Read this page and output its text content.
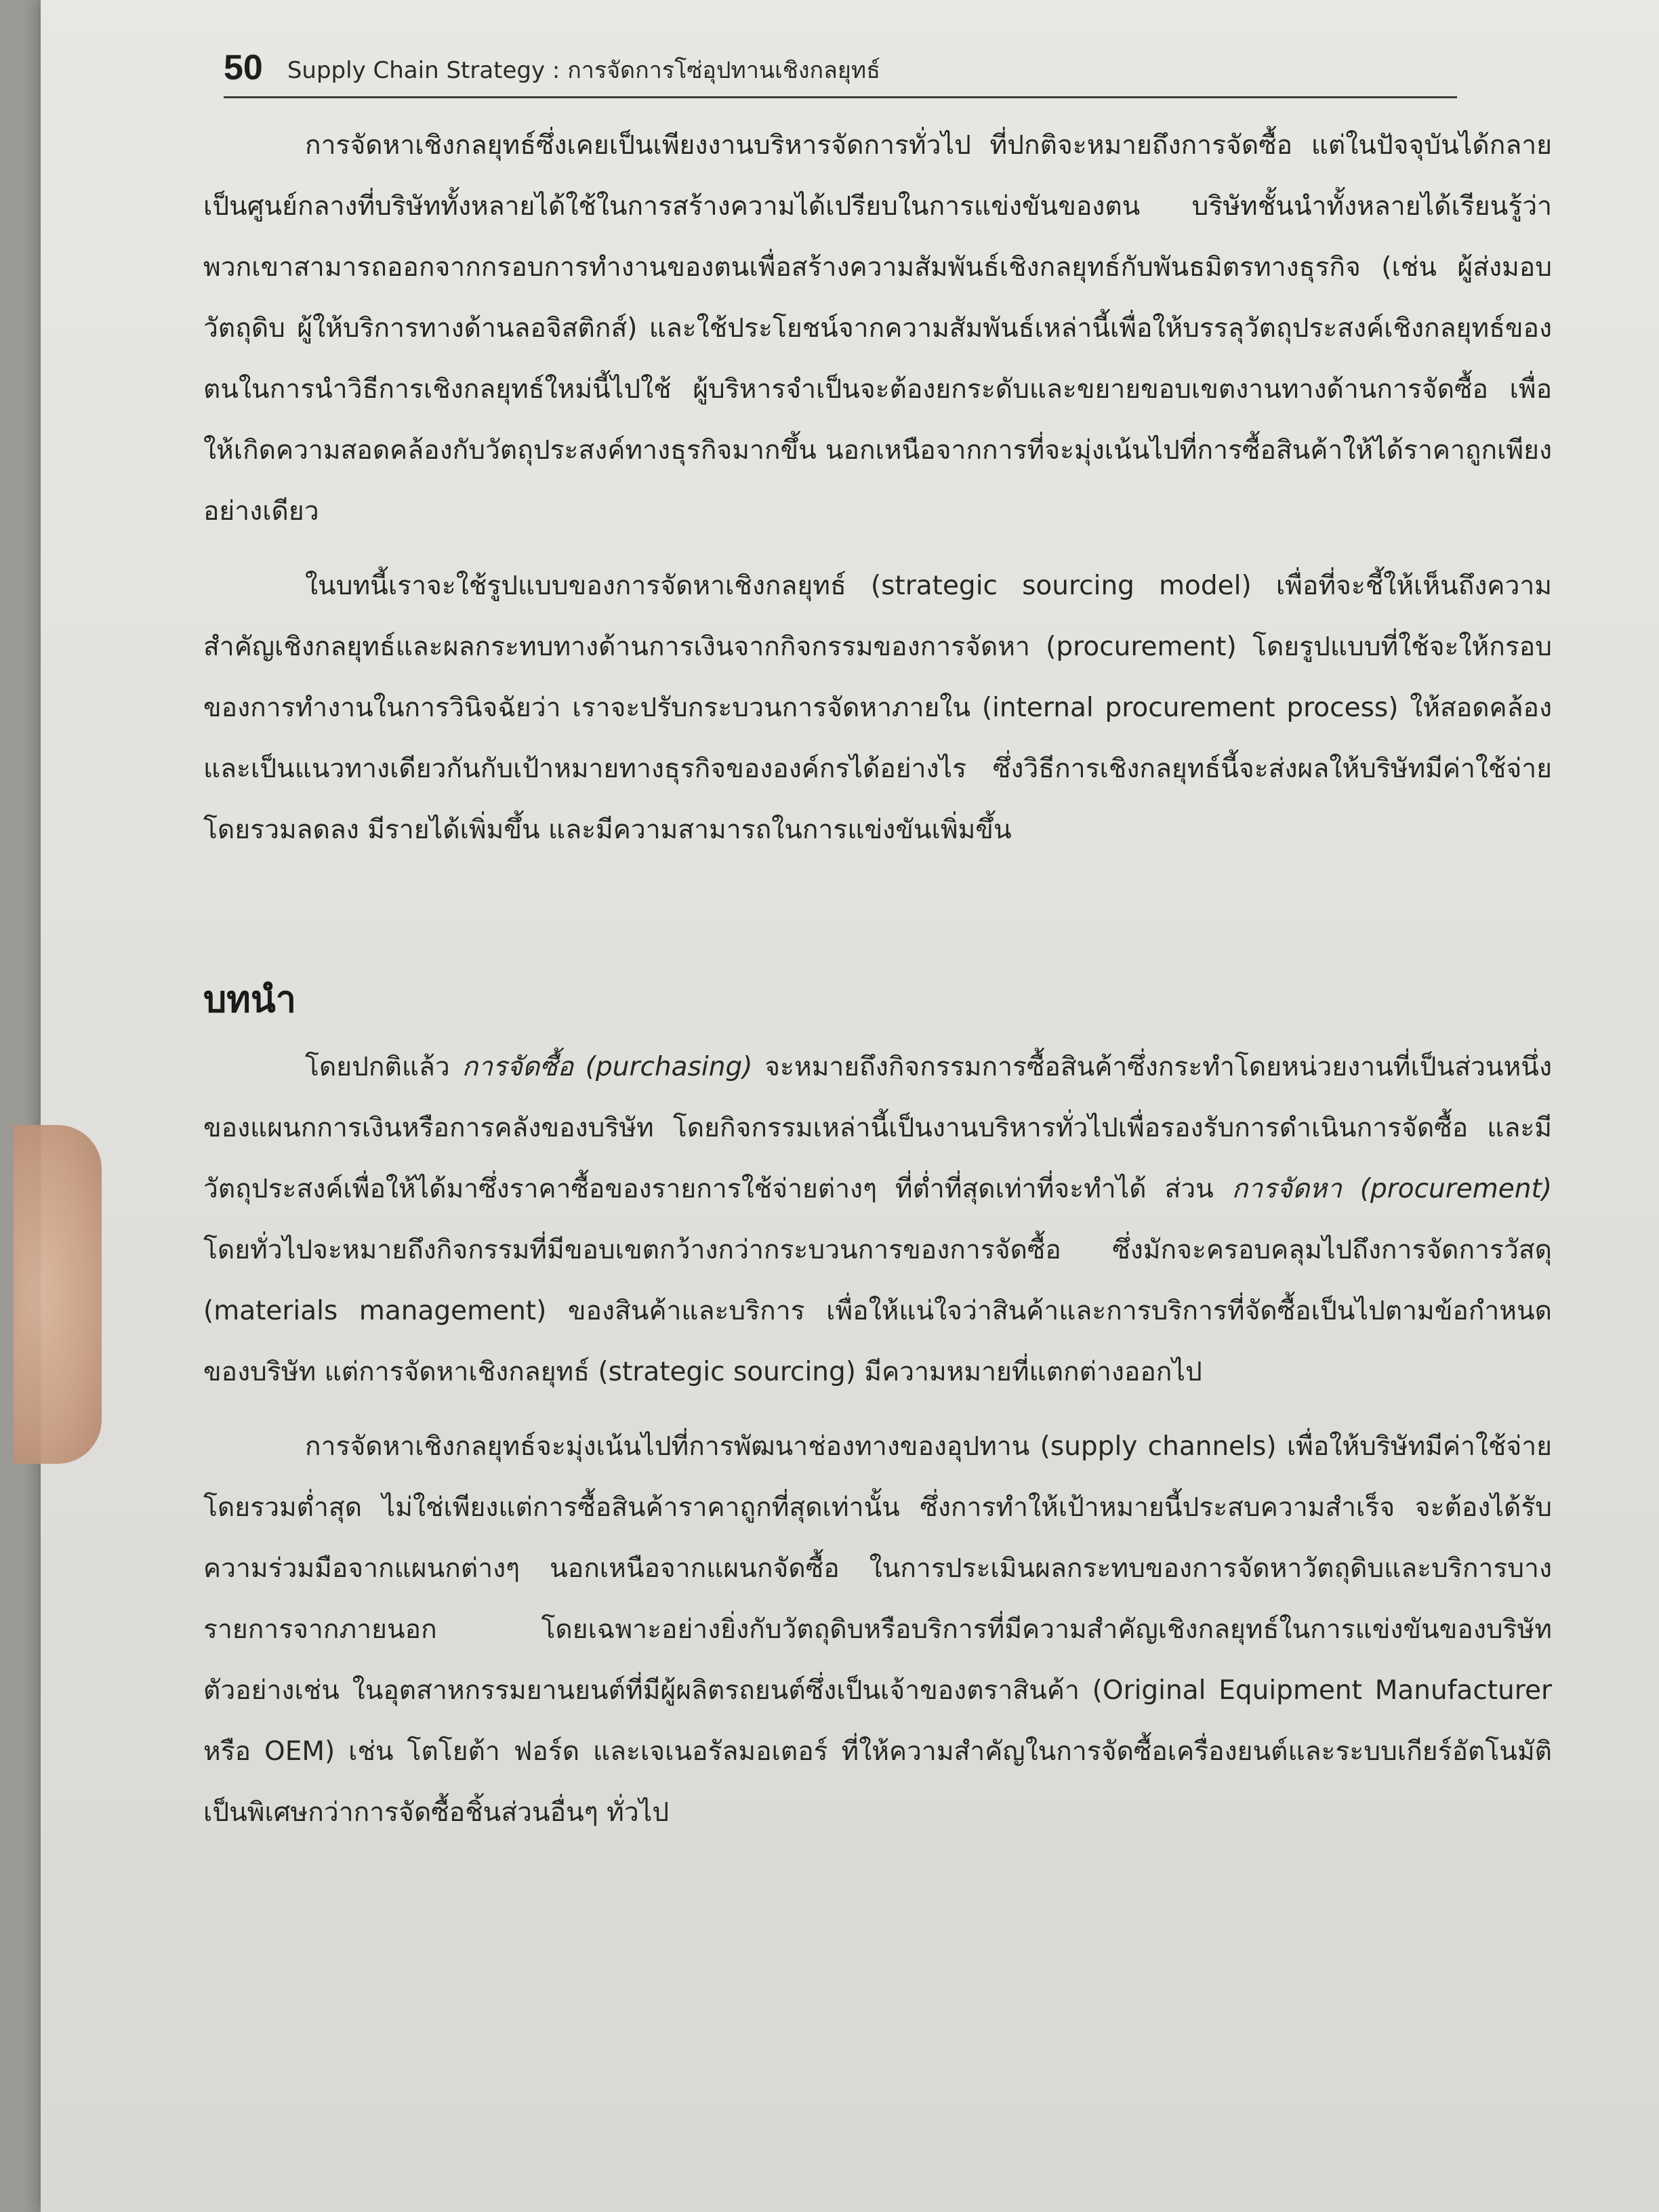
50 Supply Chain Strategy : การจัดการโซ่อุปทานเชิงกลยุทธ์

การจัดหาเชิงกลยุทธ์ซึ่งเคยเป็นเพียงงานบริหารจัดการทั่วไป ที่ปกติจะหมายถึงการจัดซื้อ แต่ในปัจจุบันได้กลายเป็นศูนย์กลางที่บริษัททั้งหลายได้ใช้ในการสร้างความได้เปรียบในการแข่งขันของตน บริษัทชั้นนำทั้งหลายได้เรียนรู้ว่า พวกเขาสามารถออกจากกรอบการทำงานของตนเพื่อสร้างความสัมพันธ์เชิงกลยุทธ์กับพันธมิตรทางธุรกิจ (เช่น ผู้ส่งมอบวัตถุดิบ ผู้ให้บริการทางด้านลอจิสติกส์) และใช้ประโยชน์จากความสัมพันธ์เหล่านี้เพื่อให้บรรลุวัตถุประสงค์เชิงกลยุทธ์ของตนในการนำวิธีการเชิงกลยุทธ์ใหม่นี้ไปใช้ ผู้บริหารจำเป็นจะต้องยกระดับและขยายขอบเขตงานทางด้านการจัดซื้อ เพื่อให้เกิดความสอดคล้องกับวัตถุประสงค์ทางธุรกิจมากขึ้น นอกเหนือจากการที่จะมุ่งเน้นไปที่การซื้อสินค้าให้ได้ราคาถูกเพียงอย่างเดียว

ในบทนี้เราจะใช้รูปแบบของการจัดหาเชิงกลยุทธ์ (strategic sourcing model) เพื่อที่จะชี้ให้เห็นถึงความสำคัญเชิงกลยุทธ์และผลกระทบทางด้านการเงินจากกิจกรรมของการจัดหา (procurement) โดยรูปแบบที่ใช้จะให้กรอบของการทำงานในการวินิจฉัยว่า เราจะปรับกระบวนการจัดหาภายใน (internal procurement process) ให้สอดคล้องและเป็นแนวทางเดียวกันกับเป้าหมายทางธุรกิจขององค์กรได้อย่างไร ซึ่งวิธีการเชิงกลยุทธ์นี้จะส่งผลให้บริษัทมีค่าใช้จ่ายโดยรวมลดลง มีรายได้เพิ่มขึ้น และมีความสามารถในการแข่งขันเพิ่มขึ้น

บทนำ

โดยปกติแล้ว การจัดซื้อ (purchasing) จะหมายถึงกิจกรรมการซื้อสินค้าซึ่งกระทำโดยหน่วยงานที่เป็นส่วนหนึ่งของแผนกการเงินหรือการคลังของบริษัท โดยกิจกรรมเหล่านี้เป็นงานบริหารทั่วไปเพื่อรองรับการดำเนินการจัดซื้อ และมีวัตถุประสงค์เพื่อให้ได้มาซึ่งราคาซื้อของรายการใช้จ่ายต่างๆ ที่ต่ำที่สุดเท่าที่จะทำได้ ส่วน การจัดหา (procurement) โดยทั่วไปจะหมายถึงกิจกรรมที่มีขอบเขตกว้างกว่ากระบวนการของการจัดซื้อ ซึ่งมักจะครอบคลุมไปถึงการจัดการวัสดุ (materials management) ของสินค้าและบริการ เพื่อให้แน่ใจว่าสินค้าและการบริการที่จัดซื้อเป็นไปตามข้อกำหนดของบริษัท แต่การจัดหาเชิงกลยุทธ์ (strategic sourcing) มีความหมายที่แตกต่างออกไป

การจัดหาเชิงกลยุทธ์จะมุ่งเน้นไปที่การพัฒนาช่องทางของอุปทาน (supply channels) เพื่อให้บริษัทมีค่าใช้จ่ายโดยรวมต่ำสุด ไม่ใช่เพียงแต่การซื้อสินค้าราคาถูกที่สุดเท่านั้น ซึ่งการทำให้เป้าหมายนี้ประสบความสำเร็จ จะต้องได้รับความร่วมมือจากแผนกต่างๆ นอกเหนือจากแผนกจัดซื้อ ในการประเมินผลกระทบของการจัดหาวัตถุดิบและบริการบางรายการจากภายนอก โดยเฉพาะอย่างยิ่งกับวัตถุดิบหรือบริการที่มีความสำคัญเชิงกลยุทธ์ในการแข่งขันของบริษัท ตัวอย่างเช่น ในอุตสาหกรรมยานยนต์ที่มีผู้ผลิตรถยนต์ซึ่งเป็นเจ้าของตราสินค้า (Original Equipment Manufacturer หรือ OEM) เช่น โตโยต้า ฟอร์ด และเจเนอรัลมอเตอร์ ที่ให้ความสำคัญในการจัดซื้อเครื่องยนต์และระบบเกียร์อัตโนมัติเป็นพิเศษกว่าการจัดซื้อชิ้นส่วนอื่นๆ ทั่วไป
